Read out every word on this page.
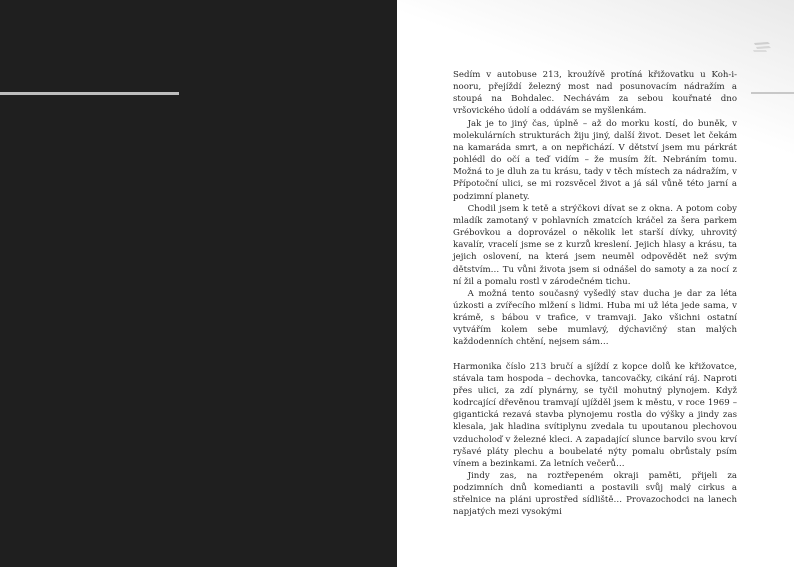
Sedím v autobuse 213, kroužívě protíná křižovatku u Koh-i-nooru, přejíždí železný most nad posunovacím nádražím a stoupá na Bohdalec. Nechávám za sebou kouřnaté dno vršovického údolí a oddávám se myšlenkám.

Jak je to jiný čas, úplně – až do morku kostí, do buněk, v molekulárních strukturách žiju jiný, další život. Deset let čekám na kamaráda smrt, a on nepřichází. V dětství jsem mu párkrát pohlédl do očí a teď vidím – že musím žít. Nebráním tomu. Možná to je dluh za tu krásu, tady v těch místech za nádražím, v Přípotoční ulici, se mi rozsvěcel život a já sál vůně této jarní a podzimní planety.

Chodil jsem k tetě a strýčkovi dívat se z okna. A potom coby mladík zamotaný v pohlavních zmatcích kráčel za šera parkem Grébovkou a doprovázel o několik let starší dívky, uhrovitý kavalír, vracelí jsme se z kurzů kreslení. Jejich hlasy a krásu, ta jejich oslovení, na která jsem neuměl odpovědět než svým dětstvím… Tu vůni života jsem si odnášel do samoty a za nocí z ní žil a pomalu rostl v zárodečném tichu.

A možná tento současný vyšedlý stav ducha je dar za léta úzkosti a zvířecího mlžení s lidmi. Huba mi už léta jede sama, v krámě, s bábou v trafice, v tramvaji. Jako všichni ostatní vytvářím kolem sebe mumlavý, dýchavičný stan malých každodenních chtění, nejsem sám…

Harmonika číslo 213 bručí a sjíždí z kopce dolů ke křižovatce, stávala tam hospoda – dechovka, tancovačky, cikání ráj. Naproti přes ulici, za zdí plynárny, se tyčil mohutný plynojem. Když kodrcající dřevěnou tramvají ujížděl jsem k městu, v roce 1969 – gigantická rezavá stavba plynojemu rostla do výšky a jindy zas klesala, jak hladina svítiplynu zvedala tu upoutanou plechovou vzducholoď v železné kleci. A zapadající slunce barvilo svou krví ryšavé pláty plechu a boubelaté nýty pomalu obrůstaly psím vínem a bezinkami. Za letních večerů…

Jindy zas, na roztřepeném okraji paměti, přijeli za podzimních dnů komedianti a postavili svůj malý cirkus a střelnice na pláni uprostřed sídliště… Provazochodci na lanech napjatých mezi vysokými
